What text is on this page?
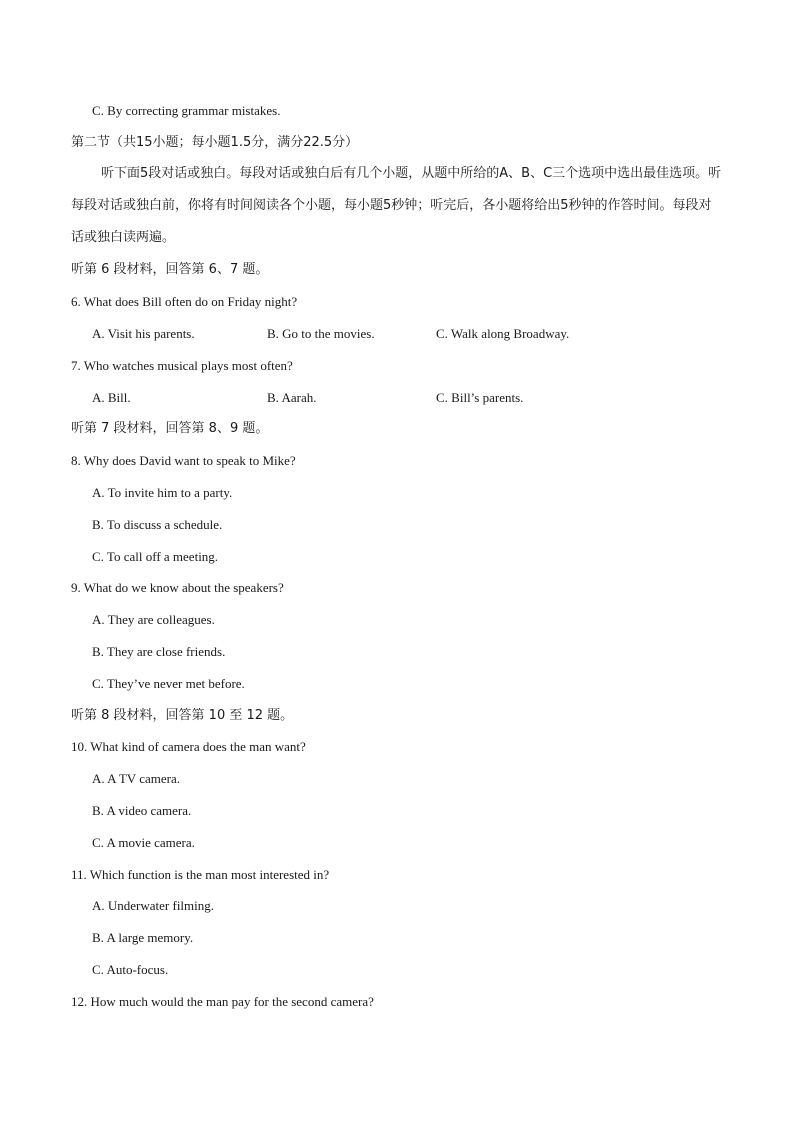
C. By correcting grammar mistakes.

第二节（共15小题；每小题1.5分，满分22.5分）

听下面5段对话或独白。每段对话或独白后有几个小题，从题中所给的A、B、C三个选项中选出最佳选项。听每段对话或独白前，你将有时间阅读各个小题，每小题5秒钟；听完后，各小题将给出5秒钟的作答时间。每段对话或独白读两遍。

听第 6 段材料，回答第 6、7 题。

6. What does Bill often do on Friday night?

A. Visit his parents.	B. Go to the movies.	C. Walk along Broadway.

7. Who watches musical plays most often?

A. Bill.	B. Aarah.	C. Bill’s parents.

听第 7 段材料，回答第 8、9 题。

8. Why does David want to speak to Mike?

A. To invite him to a party.

B. To discuss a schedule.

C. To call off a meeting.

9. What do we know about the speakers?

A. They are colleagues.

B. They are close friends.

C. They’ve never met before.

听第 8 段材料，回答第 10 至 12 题。

10. What kind of camera does the man want?

A. A TV camera.

B. A video camera.

C. A movie camera.

11. Which function is the man most interested in?

A. Underwater filming.

B. A large memory.

C. Auto-focus.

12. How much would the man pay for the second camera?
